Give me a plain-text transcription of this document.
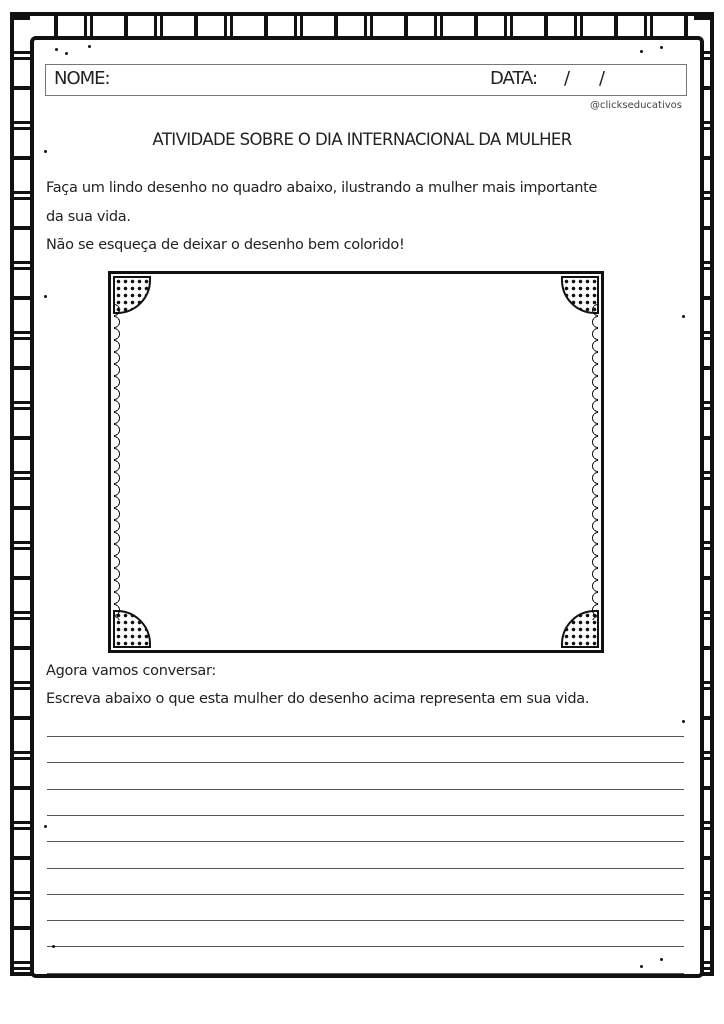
NOME:	DATA: / /
@clickseducativos
ATIVIDADE SOBRE O DIA INTERNACIONAL DA MULHER
Faça um lindo desenho no quadro abaixo, ilustrando a mulher mais importante
da sua vida.
Não se esqueça de deixar o desenho bem colorido!
Agora vamos conversar:
Escreva abaixo o que esta mulher do desenho acima representa em sua vida.
